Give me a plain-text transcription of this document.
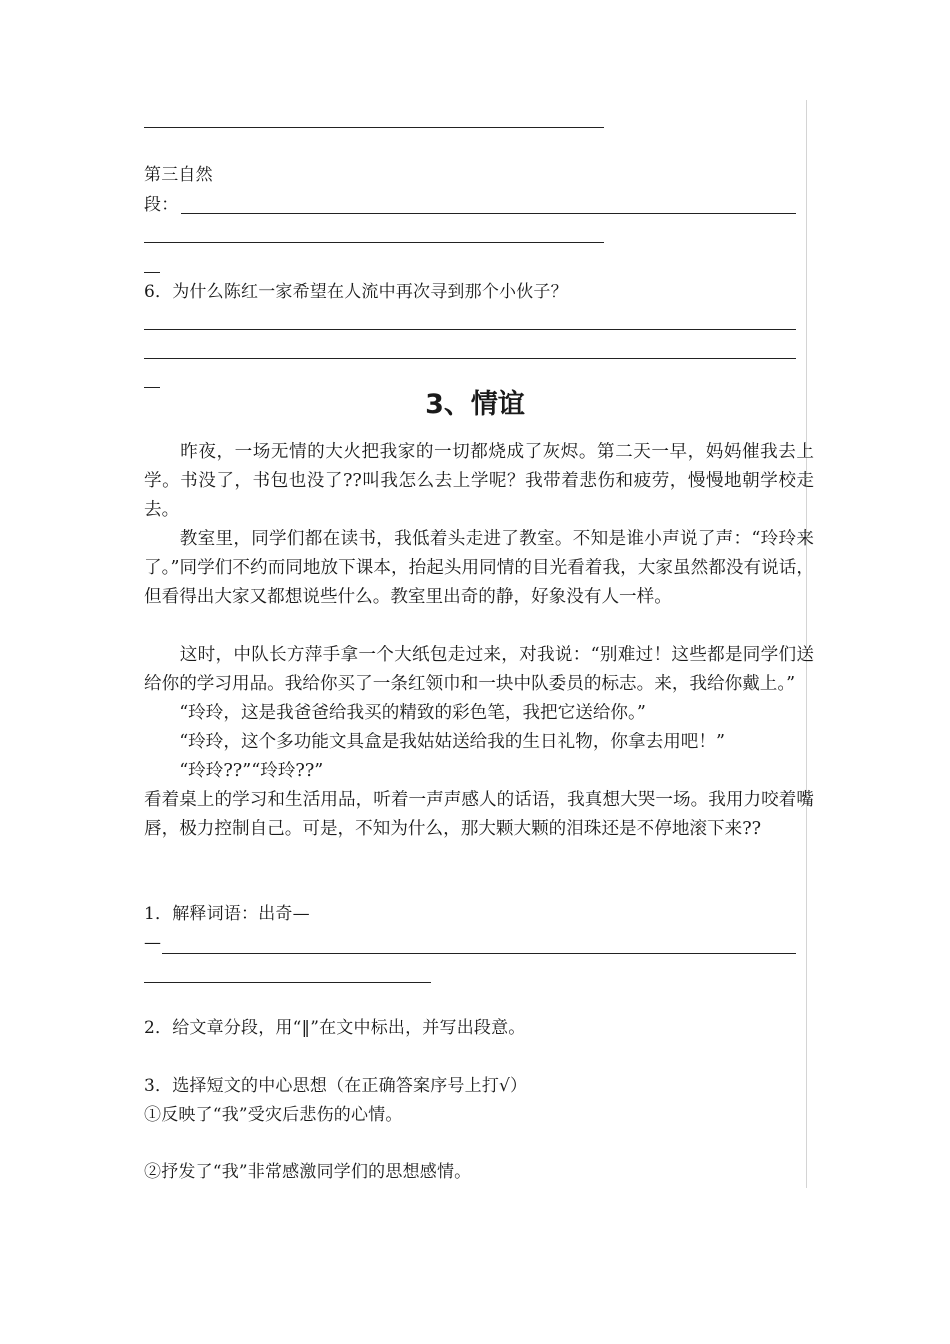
第三自然
段：
6．为什么陈红一家希望在人流中再次寻到那个小伙子？
3、情谊
　　昨夜，一场无情的大火把我家的一切都烧成了灰烬。第二天一早，妈妈催我去上学。书没了，书包也没了??叫我怎么去上学呢？我带着悲伤和疲劳，慢慢地朝学校走去。
　　教室里，同学们都在读书，我低着头走进了教室。不知是谁小声说了声：“玲玲来了。”同学们不约而同地放下课本，抬起头用同情的目光看着我，大家虽然都没有说话，但看得出大家又都想说些什么。教室里出奇的静，好象没有人一样。
　　这时，中队长方萍手拿一个大纸包走过来，对我说：“别难过！这些都是同学们送给你的学习用品。我给你买了一条红领巾和一块中队委员的标志。来，我给你戴上。”
　　“玲玲，这是我爸爸给我买的精致的彩色笔，我把它送给你。”
　　“玲玲，这个多功能文具盒是我姑姑送给我的生日礼物，你拿去用吧！”
　　“玲玲??”“玲玲??”
看着桌上的学习和生活用品，听着一声声感人的话语，我真想大哭一场。我用力咬着嘴唇，极力控制自己。可是，不知为什么，那大颗大颗的泪珠还是不停地滚下来??
1．解释词语：出奇—
—
2．给文章分段，用“‖”在文中标出，并写出段意。
3．选择短文的中心思想（在正确答案序号上打√）
①反映了“我”受灾后悲伤的心情。
②抒发了“我”非常感激同学们的思想感情。
